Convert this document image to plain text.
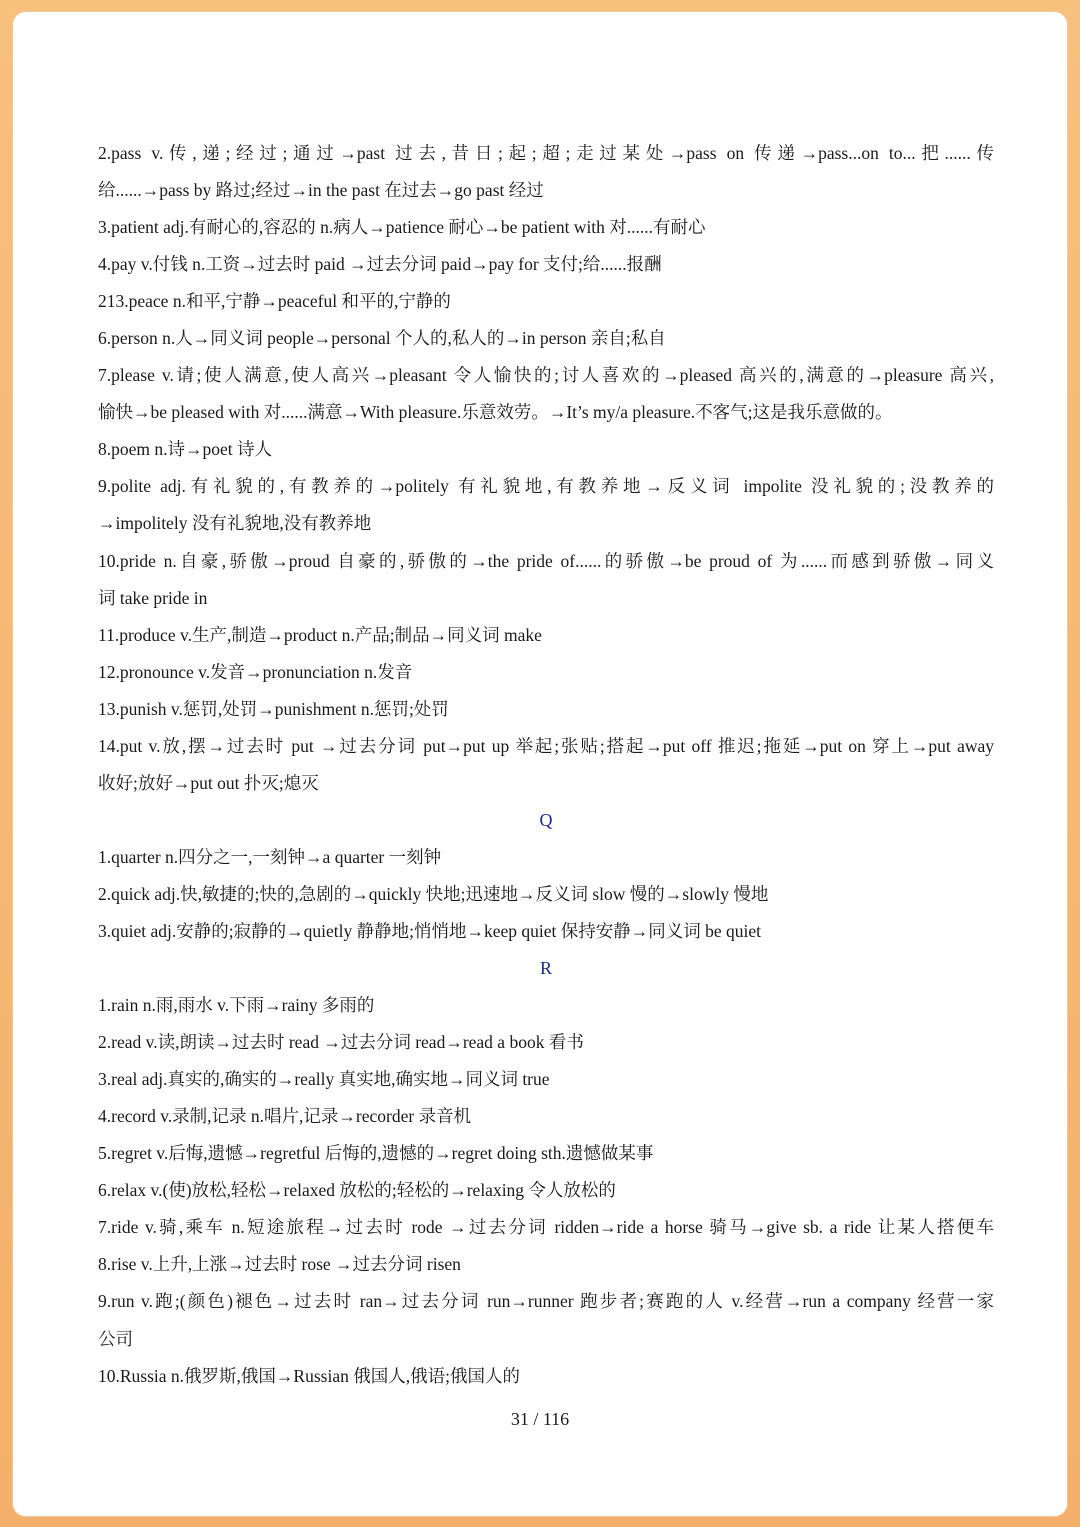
2.pass v.传,递;经过;通过→past 过去,昔日;起;超;走过某处→pass on 传递→pass...on to...把......传
给......→pass by 路过;经过→in the past 在过去→go past 经过
3.patient adj.有耐心的,容忍的 n.病人→patience 耐心→be patient with 对......有耐心
4.pay v.付钱 n.工资→过去时 paid →过去分词 paid→pay for 支付;给......报酬
213.peace n.和平,宁静→peaceful 和平的,宁静的
6.person n.人→同义词 people→personal 个人的,私人的→in person 亲自;私自
7.please v.请;使人满意,使人高兴→pleasant 令人愉快的;讨人喜欢的→pleased 高兴的,满意的→pleasure 高兴,
愉快→be pleased with 对......满意→With pleasure.乐意效劳。→It’s my/a pleasure.不客气;这是我乐意做的。
8.poem n.诗→poet 诗人
9.polite adj.有礼貌的,有教养的→politely 有礼貌地,有教养地→反义词 impolite 没礼貌的;没教养的
→impolitely 没有礼貌地,没有教养地
10.pride n.自豪,骄傲→proud 自豪的,骄傲的→the pride of......的骄傲→be proud of 为......而感到骄傲→同义
词 take pride in
11.produce v.生产,制造→product n.产品;制品→同义词 make
12.pronounce v.发音→pronunciation n.发音
13.punish v.惩罚,处罚→punishment n.惩罚;处罚
14.put v.放,摆→过去时 put →过去分词 put→put up 举起;张贴;搭起→put off 推迟;拖延→put on 穿上→put away
收好;放好→put out 扑灭;熄灭
Q
1.quarter n.四分之一,一刻钟→a quarter 一刻钟
2.quick adj.快,敏捷的;快的,急剧的→quickly 快地;迅速地→反义词 slow 慢的→slowly 慢地
3.quiet adj.安静的;寂静的→quietly 静静地;悄悄地→keep quiet 保持安静→同义词 be quiet
R
1.rain n.雨,雨水 v.下雨→rainy 多雨的
2.read v.读,朗读→过去时 read →过去分词 read→read a book 看书
3.real adj.真实的,确实的→really 真实地,确实地→同义词 true
4.record v.录制,记录 n.唱片,记录→recorder 录音机
5.regret v.后悔,遗憾→regretful 后悔的,遗憾的→regret doing sth.遗憾做某事
6.relax v.(使)放松,轻松→relaxed 放松的;轻松的→relaxing 令人放松的
7.ride v.骑,乘车 n.短途旅程→过去时 rode →过去分词 ridden→ride a horse 骑马→give sb. a ride 让某人搭便车
8.rise v.上升,上涨→过去时 rose →过去分词 risen
9.run v.跑;(颜色)褪色→过去时 ran→过去分词 run→runner 跑步者;赛跑的人 v.经营→run a company 经营一家
公司
10.Russia n.俄罗斯,俄国→Russian 俄国人,俄语;俄国人的
31 / 116
